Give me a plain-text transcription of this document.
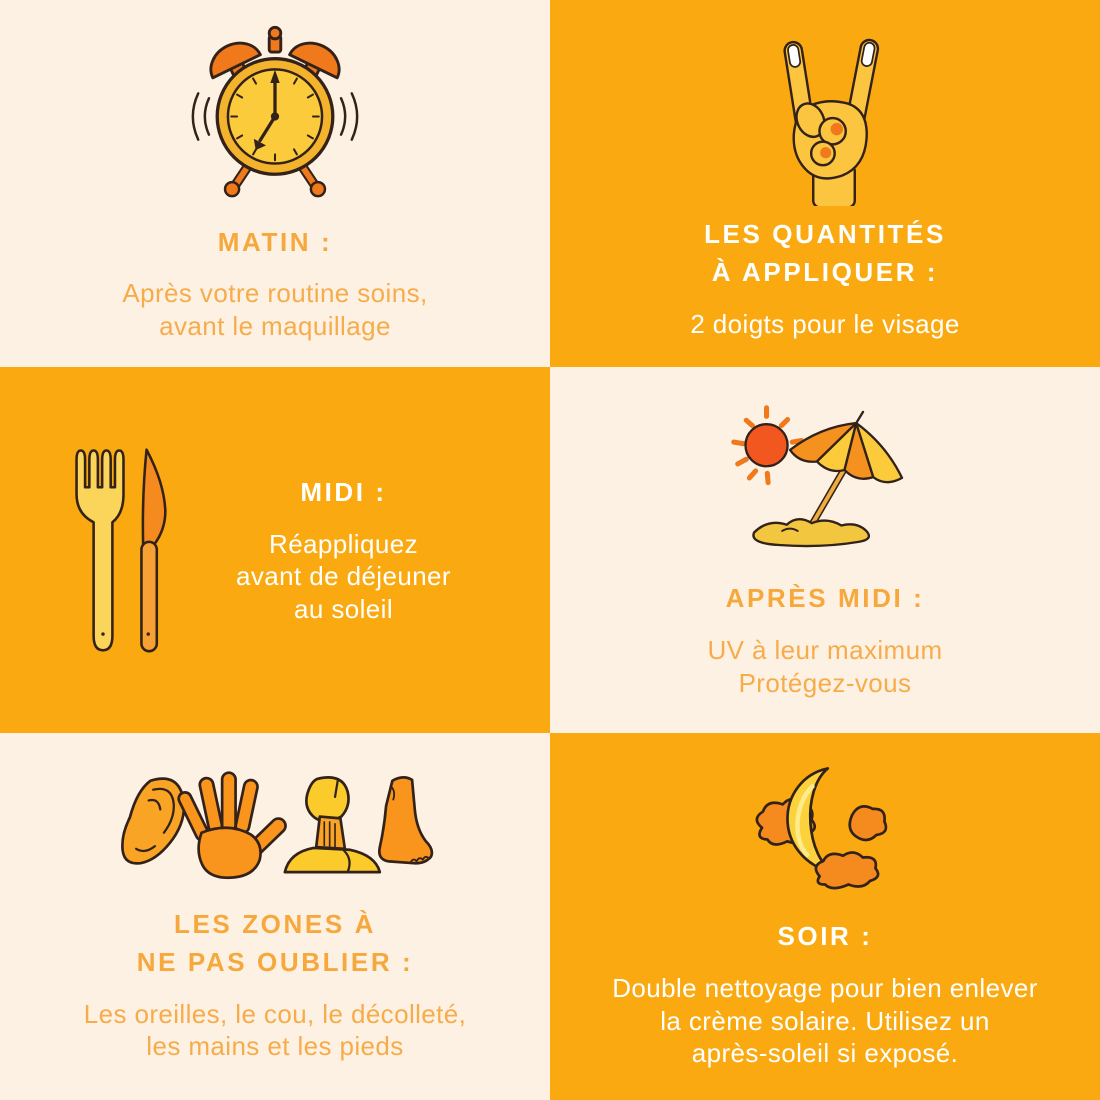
MATIN :

Après votre routine soins,
avant le maquillage

LES QUANTITÉS
À APPLIQUER :

2 doigts pour le visage

MIDI :

Réappliquez
avant de déjeuner
au soleil	APRÈS MIDI :

UV à leur maximum
Protégez-vous

LES ZONES À
NE PAS OUBLIER :

Les oreilles, le cou, le décolleté,
les mains et les pieds

SOIR :

Double nettoyage pour bien enlever
la crème solaire. Utilisez un
après-soleil si exposé.
